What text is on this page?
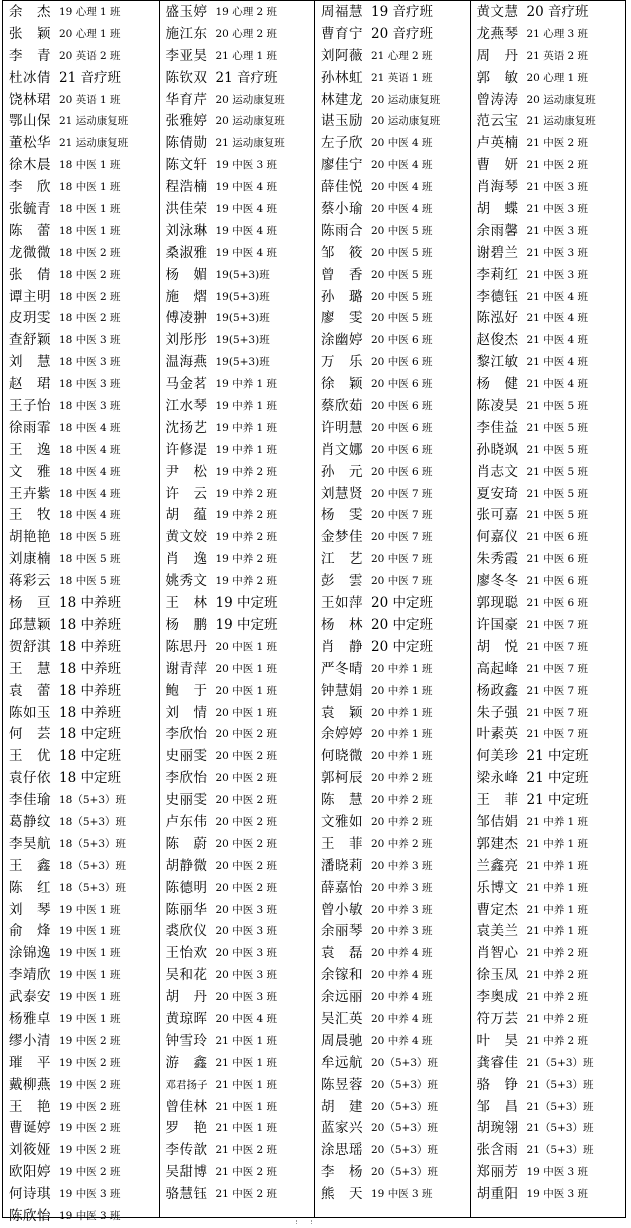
余　杰 19 心理 1 班
张　颖 20 心理 1 班
李　青 20 英语 2 班
杜冰倩 21 音疗班
饶林珺 20 英语 1 班
鄂山保 21 运动康复班
董松华 21 运动康复班
徐木晨 18 中医 1 班
李　欣 18 中医 1 班
张毓青 18 中医 1 班
陈　蕾 18 中医 1 班
龙微微 18 中医 2 班
张　倩 18 中医 2 班
谭主明 18 中医 2 班
皮玥雯 18 中医 2 班
查舒颖 18 中医 3 班
刘　慧 18 中医 3 班
赵　珺 18 中医 3 班
王子怡 18 中医 3 班
徐雨霏 18 中医 4 班
王　逸 18 中医 4 班
文　雅 18 中医 4 班
王卉紫 18 中医 4 班
王　牧 18 中医 4 班
胡艳艳 18 中医 5 班
刘康楠 18 中医 5 班
蒋彩云 18 中医 5 班
杨　亘 18 中养班
邱慧颖 18 中养班
贺舒淇 18 中养班
王　慧 18 中养班
袁　蕾 18 中养班
陈如玉 18 中养班
何　芸 18 中定班
王　优 18 中定班
袁仔依 18 中定班
李佳瑜 18（5+3）班
葛静纹 18（5+3）班
李昊航 18（5+3）班
王　鑫 18（5+3）班
陈　红 18（5+3）班
刘　琴 19 中医 1 班
俞　烽 19 中医 1 班
涂锦逸 19 中医 1 班
李靖欣 19 中医 1 班
武泰安 19 中医 1 班
杨雅卓 19 中医 1 班
缪小清 19 中医 2 班
璀　平 19 中医 2 班
戴柳燕 19 中医 2 班
王　艳 19 中医 2 班
曹诞婷 19 中医 2 班
刘筱娅 19 中医 2 班
欧阳婷 19 中医 2 班
何诗琪 19 中医 3 班
陈欣怡 19 中医 3 班
盛玉婷 19 心理 2 班
施江东 20 心理 2 班
李亚昊 21 心理 1 班
陈钦双 21 音疗班
华育芹 20 运动康复班
张雅婷 20 运动康复班
陈倩勋 21 运动康复班
陈文轩 19 中医 3 班
程浩楠 19 中医 4 班
洪佳荣 19 中医 4 班
刘泳琳 19 中医 4 班
桑淑雅 19 中医 4 班
杨　媚 19(5+3)班
施　熠 19(5+3)班
傅凌翀 19(5+3)班
刘彤彤 19(5+3)班
温海燕 19(5+3)班
马金茗 19 中养 1 班
江水琴 19 中养 1 班
沈扬艺 19 中养 1 班
许修湜 19 中养 1 班
尹　松 19 中养 2 班
许　云 19 中养 2 班
胡　蕴 19 中养 2 班
黄文姣 19 中养 2 班
肖　逸 19 中养 2 班
姚秀文 19 中养 2 班
王　林 19 中定班
杨　鹏 19 中定班
陈思丹 20 中医 1 班
谢青萍 20 中医 1 班
鲍　于 20 中医 1 班
刘　情 20 中医 1 班
李欣怡 20 中医 2 班
史丽雯 20 中医 2 班
李欣怡 20 中医 2 班
史丽雯 20 中医 2 班
卢东伟 20 中医 2 班
陈　蔚 20 中医 2 班
胡静微 20 中医 2 班
陈德明 20 中医 2 班
陈丽华 20 中医 3 班
裘欣仪 20 中医 3 班
王怡欢 20 中医 3 班
吴和花 20 中医 3 班
胡　丹 20 中医 3 班
黄琼晖 20 中医 4 班
钟雪玲 21 中医 1 班
游　鑫 21 中医 1 班
邓君扬子 21 中医 1 班
曾佳林 21 中医 1 班
罗　艳 21 中医 1 班
李传歆 21 中医 2 班
吴甜博 21 中医 2 班
骆慧钰 21 中医 2 班
周福慧 19 音疗班
曹育宁 20 音疗班
刘阿薇 21 心理 2 班
孙林虹 21 英语 1 班
林建龙 20 运动康复班
谌玉励 20 运动康复班
左子欣 20 中医 4 班
廖佳宁 20 中医 4 班
薛佳悦 20 中医 4 班
蔡小瑜 20 中医 4 班
陈雨合 20 中医 5 班
邹　筱 20 中医 5 班
曾　香 20 中医 5 班
孙　璐 20 中医 5 班
廖　雯 20 中医 5 班
涂幽婷 20 中医 6 班
万　乐 20 中医 6 班
徐　颖 20 中医 6 班
蔡欣茹 20 中医 6 班
许明慧 20 中医 6 班
肖文娜 20 中医 6 班
孙　元 20 中医 6 班
刘慧贤 20 中医 7 班
杨　雯 20 中医 7 班
金梦佳 20 中医 7 班
江　艺 20 中医 7 班
彭　雲 20 中医 7 班
王如萍 20 中定班
杨　林 20 中定班
肖　静 20 中定班
严冬晴 20 中养 1 班
钟慧娟 20 中养 1 班
袁　颖 20 中养 1 班
余婷婷 20 中养 1 班
何晓微 20 中养 1 班
郭柯辰 20 中养 2 班
陈　慧 20 中养 2 班
文雅如 20 中养 2 班
王　菲 20 中养 2 班
潘晓莉 20 中养 3 班
薛嘉怡 20 中养 3 班
曾小敏 20 中养 3 班
余丽琴 20 中养 3 班
袁　磊 20 中养 4 班
余镓和 20 中养 4 班
余远丽 20 中养 4 班
吴汇英 20 中养 4 班
周晨驰 20 中养 4 班
牟远航 20（5+3）班
陈昱蓉 20（5+3）班
胡　建 20（5+3）班
蓝家兴 20（5+3）班
涂思瑶 20（5+3）班
李　杨 20（5+3）班
熊　天 19 中医 3 班
黄文慧 20 音疗班
龙燕琴 21 心理 3 班
周　丹 21 英语 2 班
郭　敏 20 心理 1 班
曾涛涛 20 运动康复班
范云宝 21 运动康复班
卢英楠 21 中医 2 班
曹　妍 21 中医 2 班
肖海琴 21 中医 3 班
胡　蝶 21 中医 3 班
余雨馨 21 中医 3 班
谢碧兰 21 中医 3 班
李莉红 21 中医 3 班
李德钰 21 中医 4 班
陈泓好 21 中医 4 班
赵俊杰 21 中医 4 班
黎江敏 21 中医 4 班
杨　健 21 中医 4 班
陈凌昊 21 中医 5 班
李佳益 21 中医 5 班
孙晓飒 21 中医 5 班
肖志文 21 中医 5 班
夏安琦 21 中医 5 班
张可嘉 21 中医 5 班
何嘉仪 21 中医 6 班
朱秀霞 21 中医 6 班
廖冬冬 21 中医 6 班
郭现聪 21 中医 6 班
许国豪 21 中医 7 班
胡　悦 21 中医 7 班
高起峰 21 中医 7 班
杨政鑫 21 中医 7 班
朱子强 21 中医 7 班
叶素英 21 中医 7 班
何美珍 21 中定班
梁永峰 21 中定班
王　菲 21 中定班
邹佶娟 21 中养 1 班
郭建杰 21 中养 1 班
兰鑫亮 21 中养 1 班
乐博文 21 中养 1 班
曹定杰 21 中养 1 班
袁美兰 21 中养 1 班
肖智心 21 中养 2 班
徐玉凤 21 中养 2 班
李奥成 21 中养 2 班
符万芸 21 中养 2 班
叶　昊 21 中养 2 班
龚睿佳 21（5+3）班
骆　铮 21（5+3）班
邹　昌 21（5+3）班
胡琬翎 21（5+3）班
张含雨 21（5+3）班
郑丽芳 19 中医 3 班
胡重阳 19 中医 3 班
